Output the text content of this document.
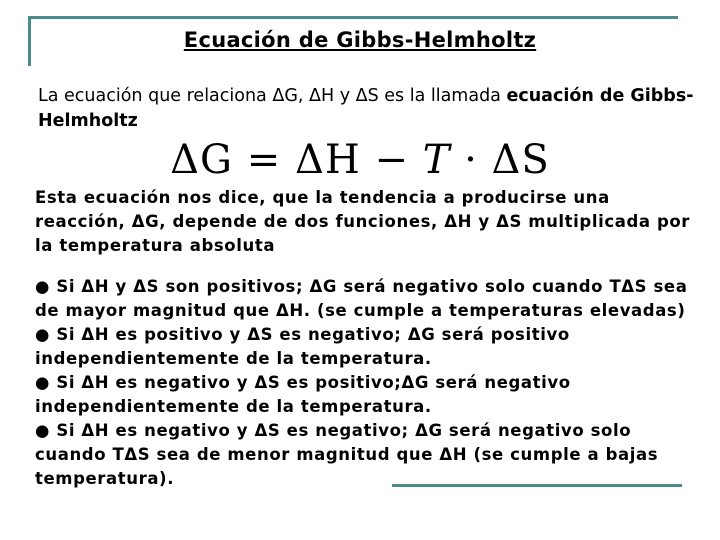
Ecuación de Gibbs-Helmholtz
La ecuación que relaciona ΔG, ΔH y ΔS es la llamada ecuación de Gibbs-Helmholtz
ΔG = ΔH − T · ΔS
Esta ecuación nos dice, que la tendencia a producirse una reacción, ΔG, depende de dos funciones, ΔH y ΔS multiplicada por la temperatura absoluta

● Si ΔH y ΔS son positivos; ΔG será negativo solo cuando TΔS sea de mayor magnitud que ΔH. (se cumple a temperaturas elevadas)

● Si ΔH es positivo y ΔS es negativo; ΔG será positivo independientemente de la temperatura.

● Si ΔH es negativo y ΔS es positivo;ΔG será negativo independientemente de la temperatura.

● Si ΔH es negativo y ΔS es negativo; ΔG será negativo solo cuando TΔS sea de menor magnitud que ΔH (se cumple a bajas temperatura).
